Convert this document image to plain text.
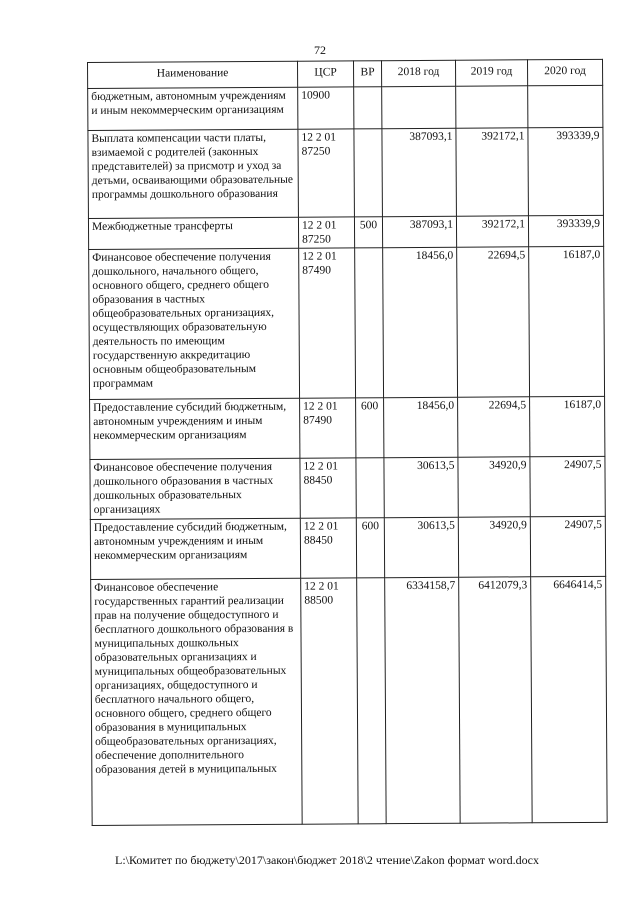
72
Наименование	ЦСР	ВР	2018 год	2019 год	2020 год
бюджетным, автономным учреждениям и иным некоммерческим организациям	10900				
Выплата компенсации части платы, взимаемой с родителей (законных представителей) за присмотр и уход за детьми, осваивающими образовательные программы дошкольного образования	12 2 01 87250		387093,1	392172,1	393339,9
Межбюджетные трансферты	12 2 01 87250	500	387093,1	392172,1	393339,9
Финансовое обеспечение получения дошкольного, начального общего, основного общего, среднего общего образования в частных общеобразовательных организациях, осуществляющих образовательную деятельность по имеющим государственную аккредитацию основным общеобразовательным программам	12 2 01 87490		18456,0	22694,5	16187,0
Предоставление субсидий бюджетным, автономным учреждениям и иным некоммерческим организациям	12 2 01 87490	600	18456,0	22694,5	16187,0
Финансовое обеспечение получения дошкольного образования в частных дошкольных образовательных организациях	12 2 01 88450		30613,5	34920,9	24907,5
Предоставление субсидий бюджетным, автономным учреждениям и иным некоммерческим организациям	12 2 01 88450	600	30613,5	34920,9	24907,5
Финансовое обеспечение государственных гарантий реализации прав на получение общедоступного и бесплатного дошкольного образования в муниципальных дошкольных образовательных организациях и муниципальных общеобразовательных организациях, общедоступного и бесплатного начального общего, основного общего, среднего общего образования в муниципальных общеобразовательных организациях, обеспечение дополнительного образования детей в муниципальных	12 2 01 88500		6334158,7	6412079,3	6646414,5
L:\Комитет по бюджету\2017\закон\бюджет 2018\2 чтение\Zakon формат word.docx
